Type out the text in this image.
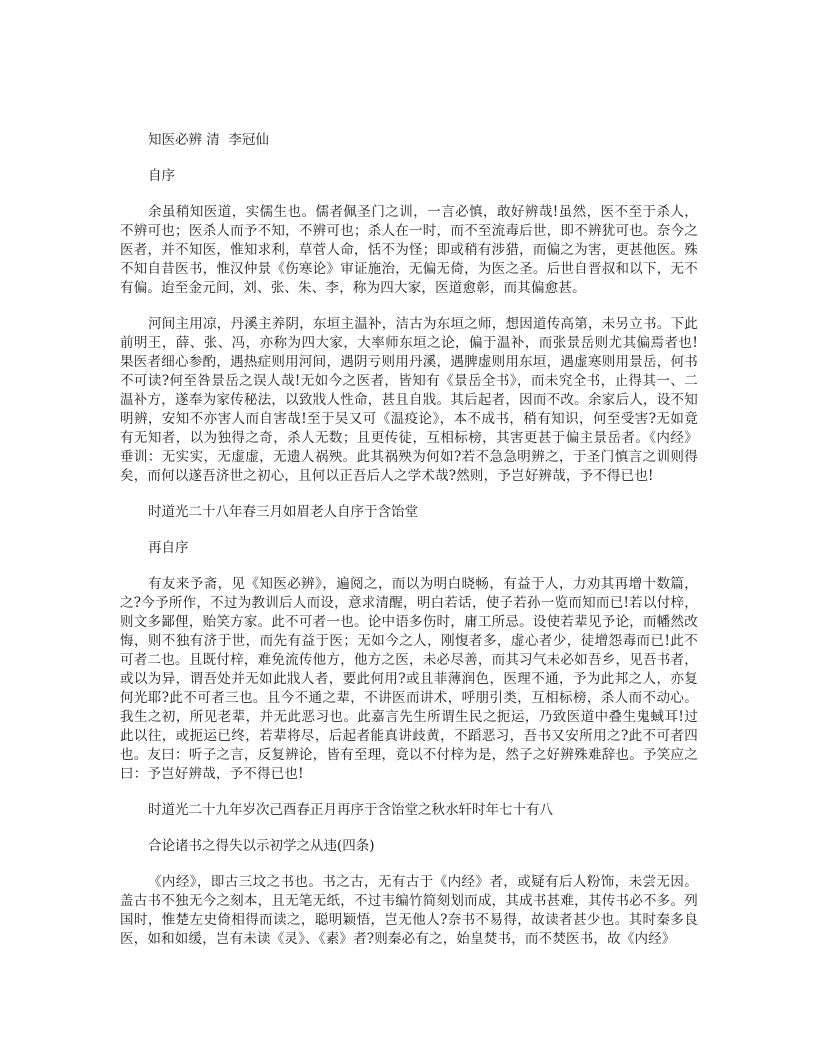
知医必辨 清  李冠仙
自序

余虽稍知医道，实儒生也。儒者佩圣门之训，一言必慎，敢好辨哉!虽然，医不至于杀人，不辨可也；医杀人而予不知，不辨可也；杀人在一时，而不至流毒后世，即不辨犹可也。奈今之医者，并不知医，惟知求利，草菅人命，恬不为怪；即或稍有涉猎，而偏之为害，更甚他医。殊不知自昔医书，惟汉仲景《伤寒论》审证施治，无偏无倚，为医之圣。后世自晋叔和以下，无不有偏。迨至金元间，刘、张、朱、李，称为四大家，医道愈彰，而其偏愈甚。

河间主用凉，丹溪主养阴，东垣主温补，洁古为东垣之师，想因道传高第，未另立书。下此前明王，薛、张、冯，亦称为四大家，大率师东垣之论，偏于温补，而张景岳则尤其偏焉者也!果医者细心参酌，遇热症则用河间，遇阴亏则用丹溪，遇脾虚则用东垣，遇虚寒则用景岳，何书不可读?何至咎景岳之误人哉!无如今之医者，皆知有《景岳全书》，而未究全书，止得其一、二温补方，遂奉为家传秘法，以致戕人性命，甚且自戕。其后起者，因而不改。余家后人，设不知明辨，安知不亦害人而自害哉!至于吴又可《温疫论》，本不成书，稍有知识，何至受害?无如竟有无知者，以为独得之奇，杀人无数；且更传徒，互相标榜，其害更甚于偏主景岳者。《内经》垂训：无实实，无虚虚，无遗人祸殃。此其祸殃为何如?若不急急明辨之，于圣门慎言之训则得矣，而何以遂吾济世之初心，且何以正吾后人之学术哉?然则，予岂好辨哉，予不得已也!

时道光二十八年春三月如眉老人自序于含饴堂
再自序

有友来予斋，见《知医必辨》，遍阅之，而以为明白晓畅，有益于人，力劝其再增十数篇，之?今予所作，不过为教训后人而设，意求清醒，明白若话，使子若孙一览而知而已!若以付梓，则文多鄙俚，贻笑方家。此不可者一也。论中语多伤时，庸工所忌。设使若辈见予论，而幡然改悔，则不独有济于世，而先有益于医；无如今之人，刚愎者多，虚心者少，徒增怨毒而已!此不可者二也。且既付梓，难免流传他方，他方之医，未必尽善，而其习气未必如吾乡，见吾书者，或以为异，谓吾处并无如此戕人者，要此何用?或且菲薄润色，医理不通，予为此邦之人，亦复何光耶?此不可者三也。且今不通之辈，不讲医而讲术，呼朋引类，互相标榜，杀人而不动心。我生之初，所见老辈，并无此恶习也。此嘉言先生所谓生民之扼运，乃致医道中叠生鬼蜮耳!过此以往，或扼运已终，若辈将尽，后起者能真讲歧黄，不蹈恶习，吾书又安所用之?此不可者四也。友曰：听子之言，反复辨论，皆有至理，竟以不付梓为是，然子之好辨殊难辞也。予笑应之曰：予岂好辨哉，予不得已也!

时道光二十九年岁次己酉春正月再序于含饴堂之秋水轩时年七十有八
合论诸书之得失以示初学之从违(四条)

《内经》，即古三坟之书也。书之古，无有古于《内经》者，或疑有后人粉饰，未尝无因。盖古书不独无今之刻本，且无笔无纸，不过韦编竹简刻划而成，其成书甚难，其传书必不多。列国时，惟楚左史倚相得而读之，聪明颖悟，岂无他人?奈书不易得，故读者甚少也。其时秦多良医，如和如缓，岂有未读《灵》、《素》者?则秦必有之，始皇焚书，而不焚医书，故《内经》
